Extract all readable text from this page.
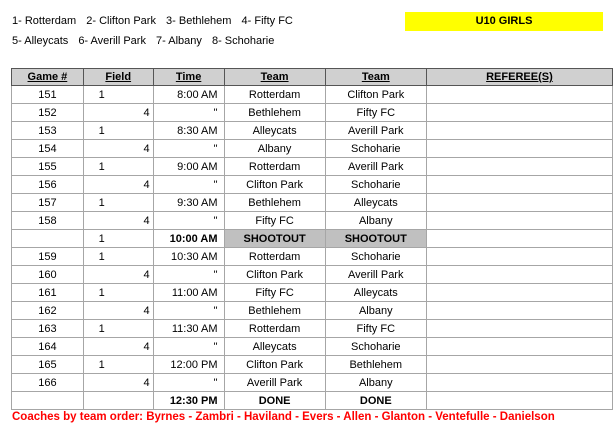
1- Rotterdam 2- Clifton Park 3- Bethlehem 4- Fifty FC
5- Alleycats 6- Averill Park 7- Albany 8- Schoharie
U10 GIRLS
Game #	Field	Time	Team	Team	REFEREE(S)
151	1	8:00 AM	Rotterdam	Clifton Park	
152	4	"	Bethlehem	Fifty FC	
153	1	8:30 AM	Alleycats	Averill Park	
154	4	"	Albany	Schoharie	
155	1	9:00 AM	Rotterdam	Averill Park	
156	4	"	Clifton Park	Schoharie	
157	1	9:30 AM	Bethlehem	Alleycats	
158	4	"	Fifty FC	Albany	
	1	10:00 AM	SHOOTOUT	SHOOTOUT	
159	1	10:30 AM	Rotterdam	Schoharie	
160	4	"	Clifton Park	Averill Park	
161	1	11:00 AM	Fifty FC	Alleycats	
162	4	"	Bethlehem	Albany	
163	1	11:30 AM	Rotterdam	Fifty FC	
164	4	"	Alleycats	Schoharie	
165	1	12:00 PM	Clifton Park	Bethlehem	
166	4	"	Averill Park	Albany	
		12:30 PM	DONE	DONE	
Coaches by team order: Byrnes - Zambri - Haviland - Evers - Allen - Glanton - Ventefulle - Danielson
